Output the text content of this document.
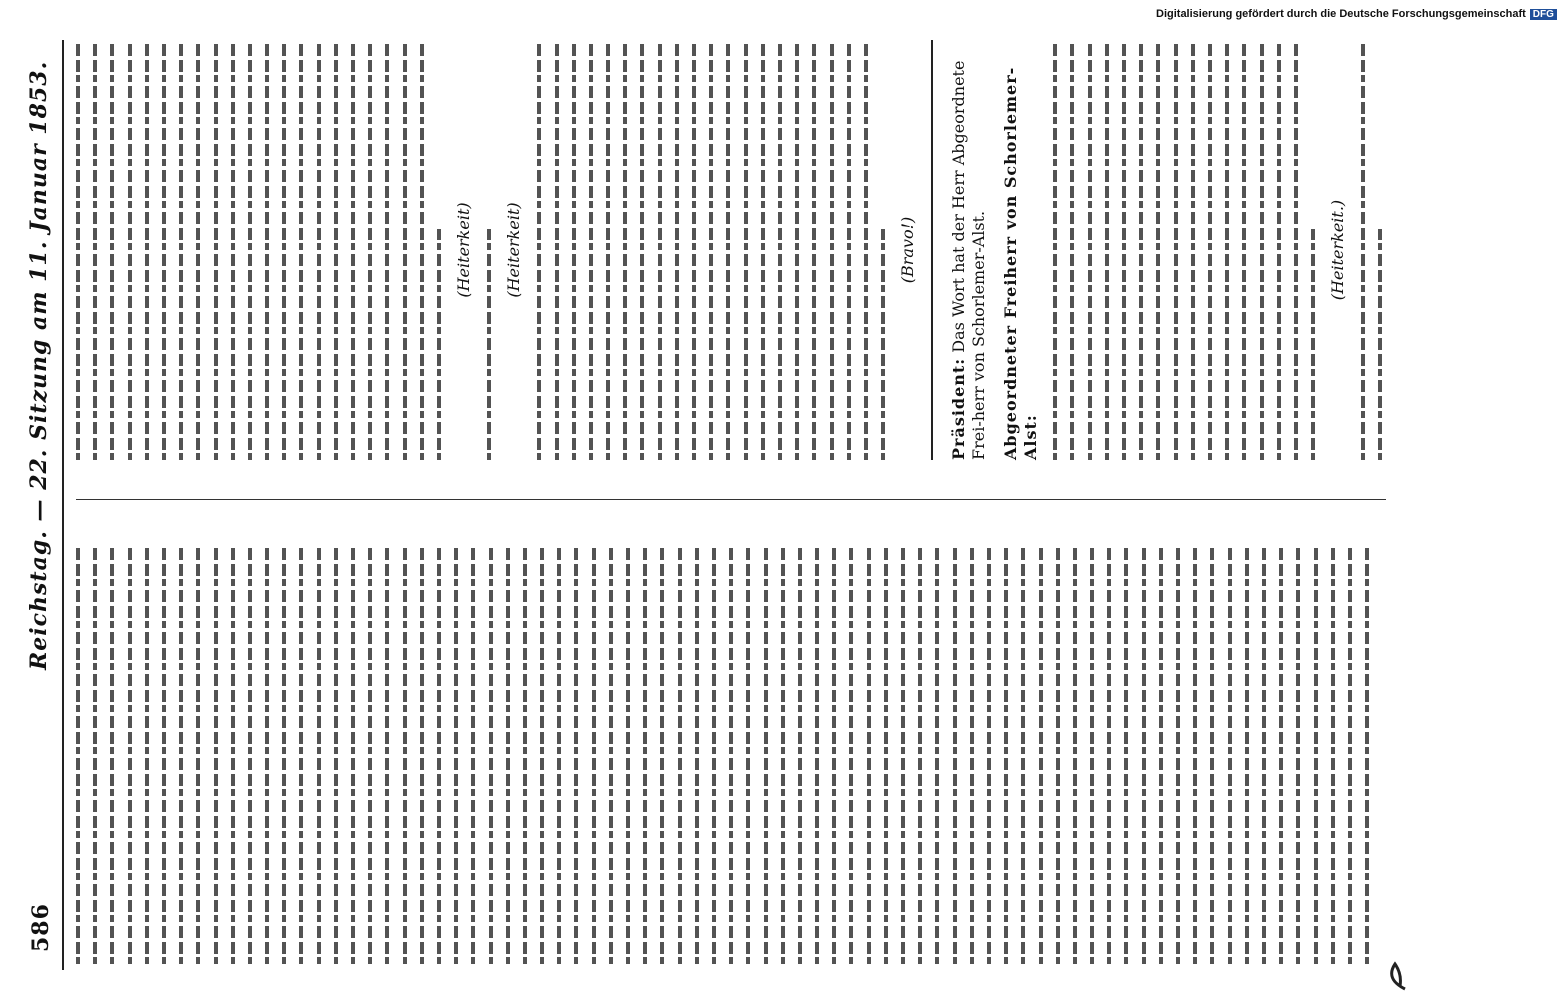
586
Reichstag. — 22. Sitzung am 11. Januar 1853.	(Heiterkeit) (Heiterkeit)	(Bravo!)
Präsident: Das Wort hat der Herr Abgeordnete Frei-herr von Schorlemer-Alst. Abgeordneter Freiherr von Schorlemer-Alst:
(Heiterkeit.)
Digitalisierung gefördert durch die Deutsche Forschungsgemeinschaft DFG
